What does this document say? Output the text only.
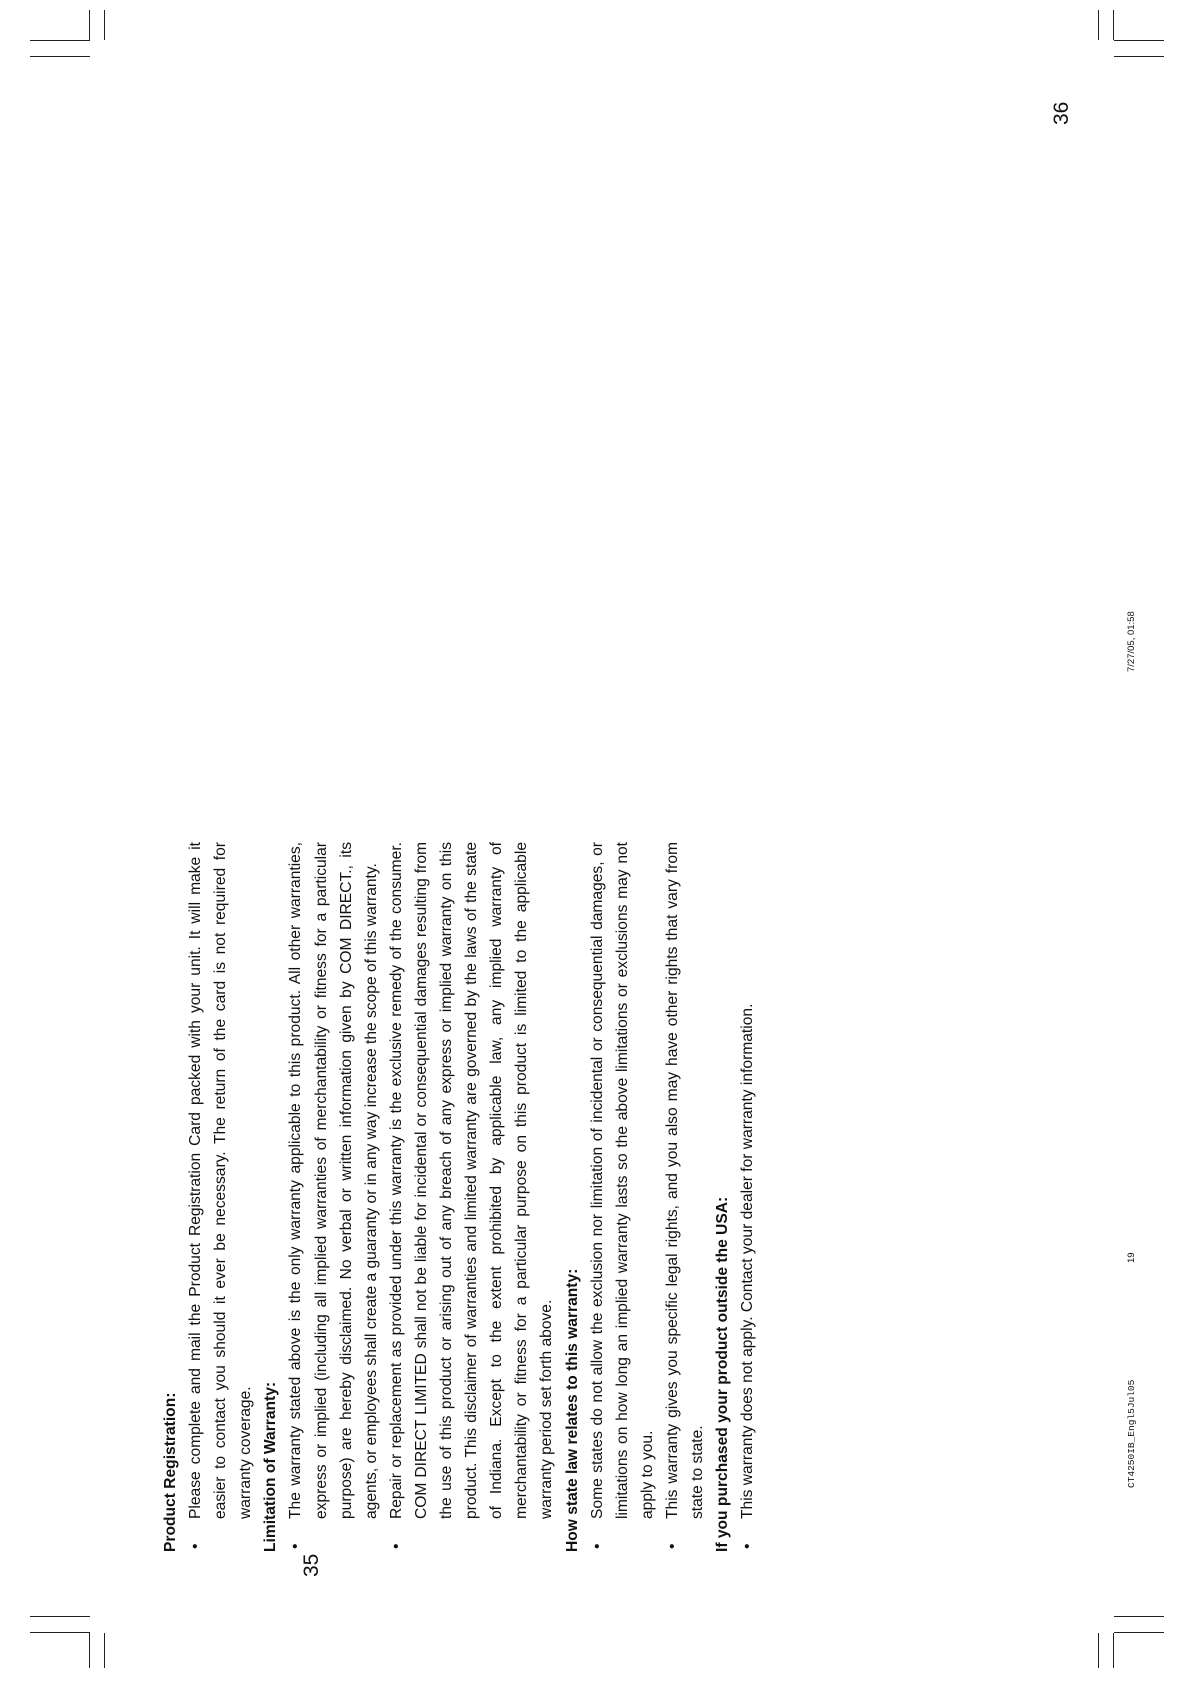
Product Registration: •
Please complete and mail the Product Registration Card packed with your unit. It will make it easier to contact you should it ever be necessary. The return of the card is not required for warranty coverage. Limitation of Warranty: •
The warranty stated above is the only warranty applicable to this product. All other warranties, express or implied (including all implied warranties of merchantability or fitness for a particular purpose) are hereby disclaimed. No verbal or written information given by COM DIRECT., its agents, or employees shall create a guaranty or in any way increase the scope of this warranty.
•
Repair or replacement as provided under this warranty is the exclusive remedy of the consumer. COM DIRECT LIMITED shall not be liable for incidental or consequential damages resulting from the use of this product or arising out of any breach of any express or implied warranty on this product. This disclaimer of warranties and limited warranty are governed by the laws of the state of Indiana. Except to the extent prohibited by applicable law, any implied warranty of merchantability or fitness for a particular purpose on this product is limited to the applicable warranty period set forth above. How state law relates to this warranty: •
Some states do not allow the exclusion nor limitation of incidental or consequential damages, or limitations on how long an implied warranty lasts so the above limitations or exclusions may not apply to you.
•
This warranty gives you specific legal rights, and you also may have other rights that vary from state to state. If you purchased your product outside the USA: •
This warranty does not apply. Contact your dealer for warranty information.
35
36
CT4250IB_Engl5Jul05
19
7/27/05, 01:58
